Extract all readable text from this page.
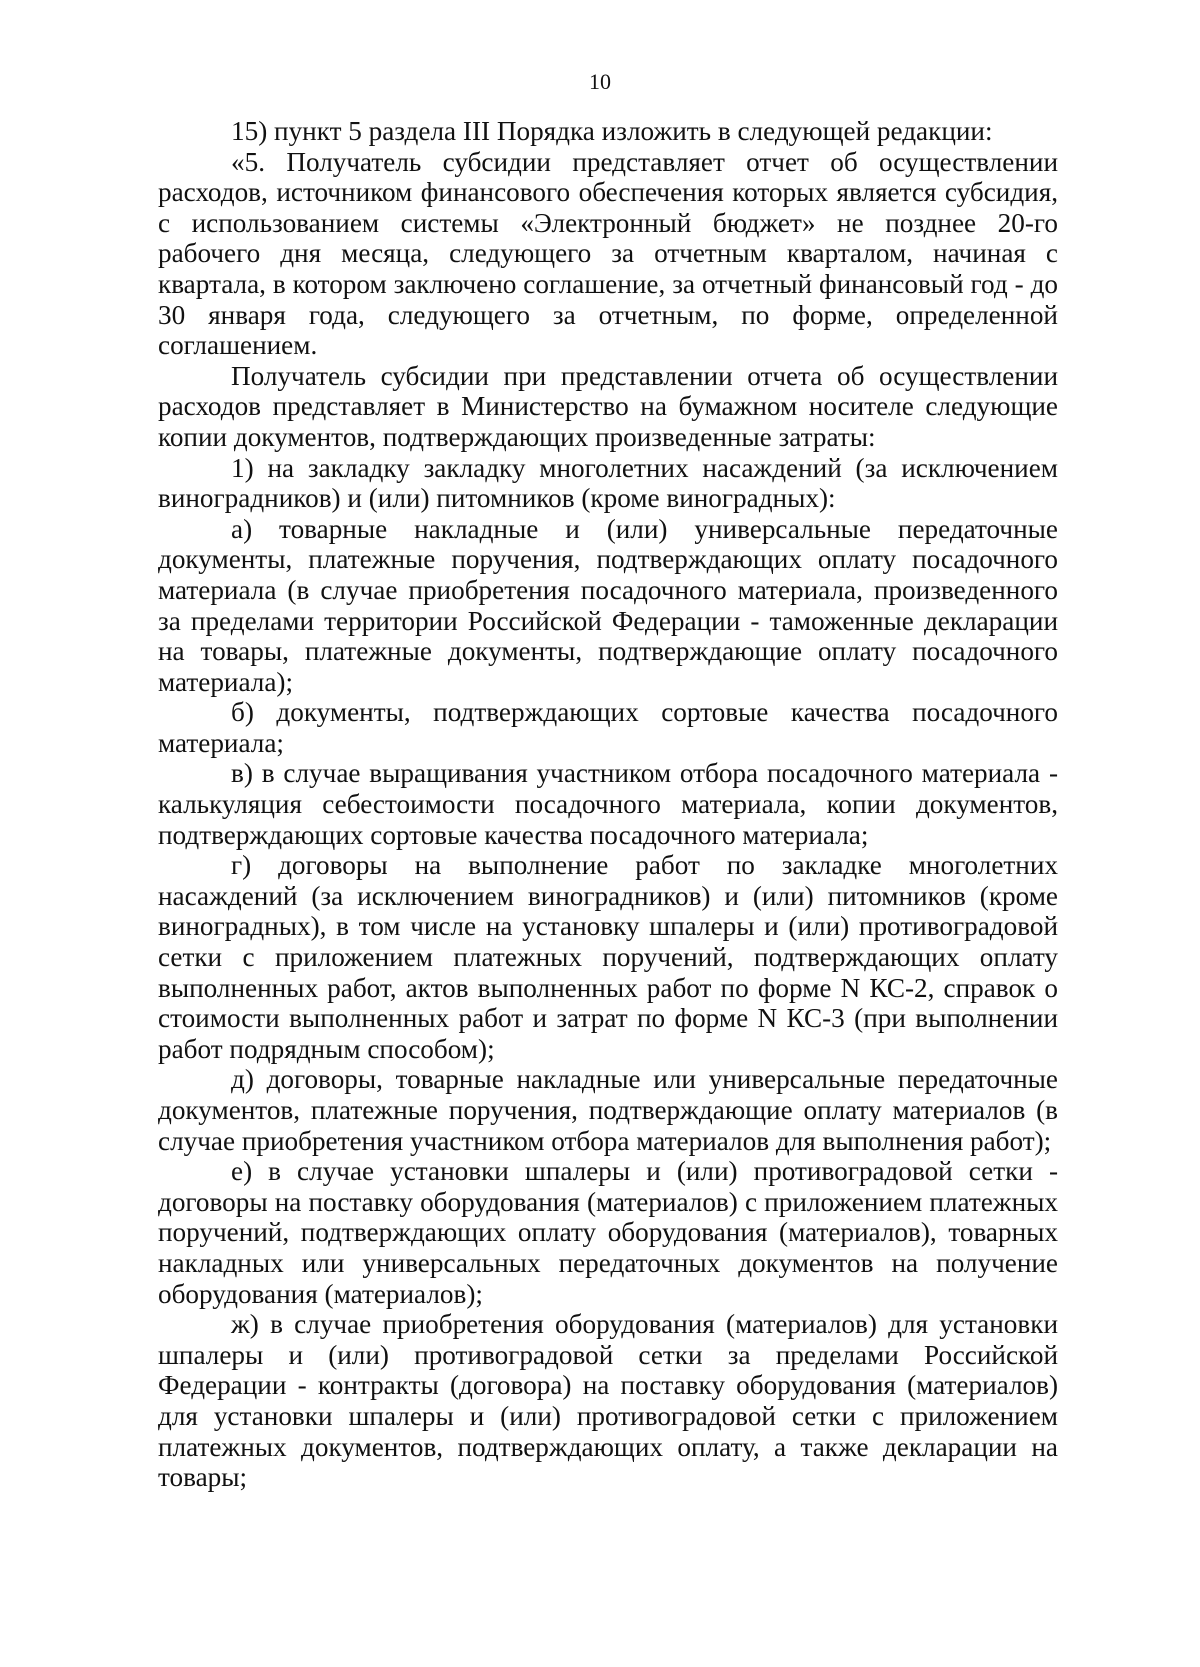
10

15) пункт 5 раздела III Порядка изложить в следующей редакции:

«5. Получатель субсидии представляет отчет об осуществлении расходов, источником финансового обеспечения которых является субсидия, с использованием системы «Электронный бюджет» не позднее 20-го рабочего дня месяца, следующего за отчетным кварталом, начиная с квартала, в котором заключено соглашение, за отчетный финансовый год - до 30 января года, следующего за отчетным, по форме, определенной соглашением.

Получатель субсидии при представлении отчета об осуществлении расходов представляет в Министерство на бумажном носителе следующие копии документов, подтверждающих произведенные затраты:

1) на закладку закладку многолетних насаждений (за исключением виноградников) и (или) питомников (кроме виноградных):

а) товарные накладные и (или) универсальные передаточные документы, платежные поручения, подтверждающих оплату посадочного материала (в случае приобретения посадочного материала, произведенного за пределами территории Российской Федерации - таможенные декларации на товары, платежные документы, подтверждающие оплату посадочного материала);

б) документы, подтверждающих сортовые качества посадочного материала;

в) в случае выращивания участником отбора посадочного материала - калькуляция себестоимости посадочного материала, копии документов, подтверждающих сортовые качества посадочного материала;

г) договоры на выполнение работ по закладке многолетних насаждений (за исключением виноградников) и (или) питомников (кроме виноградных), в том числе на установку шпалеры и (или) противоградовой сетки с приложением платежных поручений, подтверждающих оплату выполненных работ, актов выполненных работ по форме N КС-2, справок о стоимости выполненных работ и затрат по форме N КС-3 (при выполнении работ подрядным способом);

д) договоры, товарные накладные или универсальные передаточные документов, платежные поручения, подтверждающие оплату материалов (в случае приобретения участником отбора материалов для выполнения работ);

е) в случае установки шпалеры и (или) противоградовой сетки - договоры на поставку оборудования (материалов) с приложением платежных поручений, подтверждающих оплату оборудования (материалов), товарных накладных или универсальных передаточных документов на получение оборудования (материалов);

ж) в случае приобретения оборудования (материалов) для установки шпалеры и (или) противоградовой сетки за пределами Российской Федерации - контракты (договора) на поставку оборудования (материалов) для установки шпалеры и (или) противоградовой сетки с приложением платежных документов, подтверждающих оплату, а также декларации на товары;
